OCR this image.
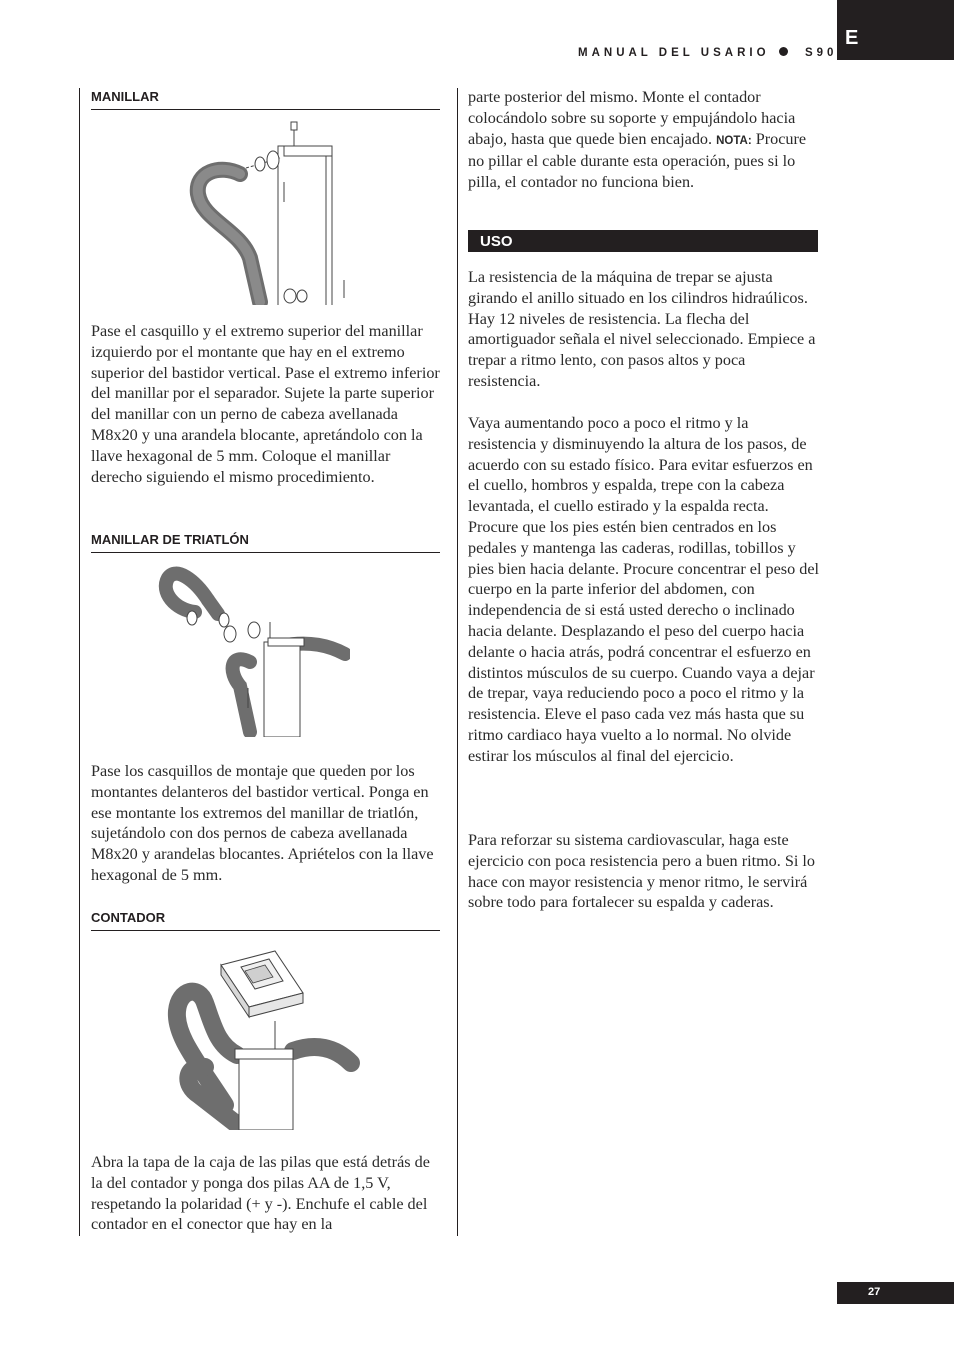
E
MANUAL DEL USARIO	S90
MANILLAR

Pase el casquillo y el extremo superior del manillar izquierdo por el montante que hay en el extremo superior del bastidor vertical. Pase el extremo inferior del manillar por el separador. Sujete la parte superior del manillar con un perno de cabeza avellanada M8x20 y una arandela blocante, apretándolo con la llave hexagonal de 5 mm. Coloque el manillar derecho siguiendo el mismo procedimiento.

MANILLAR DE TRIATLÓN

Pase los casquillos de montaje que queden por los montantes delanteros del bastidor vertical. Ponga en ese montante los extremos del manillar de triatlón, sujetándolo con dos pernos de cabeza avellanada M8x20 y arandelas blocantes. Apriételos con la llave hexagonal de 5 mm.

CONTADOR

Abra la tapa de la caja de las pilas que está detrás de la del contador y ponga dos pilas AA de 1,5 V, respetando la polaridad (+ y -). Enchufe el cable del contador en el conector que hay en la

parte posterior del mismo. Monte el contador colocándolo sobre su soporte y empujándolo hacia abajo, hasta que quede bien encajado. NOTA: Procure no pillar el cable durante esta operación, pues si lo pilla, el contador no funciona bien.

USO

La resistencia de la máquina de trepar se ajusta girando el anillo situado en los cilindros hidraúlicos. Hay 12 niveles de resistencia. La flecha del amortiguador señala el nivel seleccionado. Empiece a trepar a ritmo lento, con pasos altos y poca resistencia.

Vaya aumentando poco a poco el ritmo y la resistencia y disminuyendo la altura de los pasos, de acuerdo con su estado físico. Para evitar esfuerzos en el cuello, hombros y espalda, trepe con la cabeza levantada, el cuello estirado y la espalda recta. Procure que los pies estén bien centrados en los pedales y mantenga las caderas, rodillas, tobillos y pies bien hacia delante. Procure concentrar el peso del cuerpo en la parte inferior del abdomen, con independencia de si está usted derecho o inclinado hacia delante. Desplazando el peso del cuerpo hacia delante o hacia atrás, podrá concentrar el esfuerzo en distintos músculos de su cuerpo. Cuando vaya a dejar de trepar, vaya reduciendo poco a poco el ritmo y la resistencia. Eleve el paso cada vez más hasta que su ritmo cardiaco haya vuelto a lo normal. No olvide estirar los músculos al final del ejercicio.

Para reforzar su sistema cardiovascular, haga este ejercicio con poca resistencia pero a buen ritmo. Si lo hace con mayor resistencia y menor ritmo, le servirá sobre todo para fortalecer su espalda y caderas.

27
